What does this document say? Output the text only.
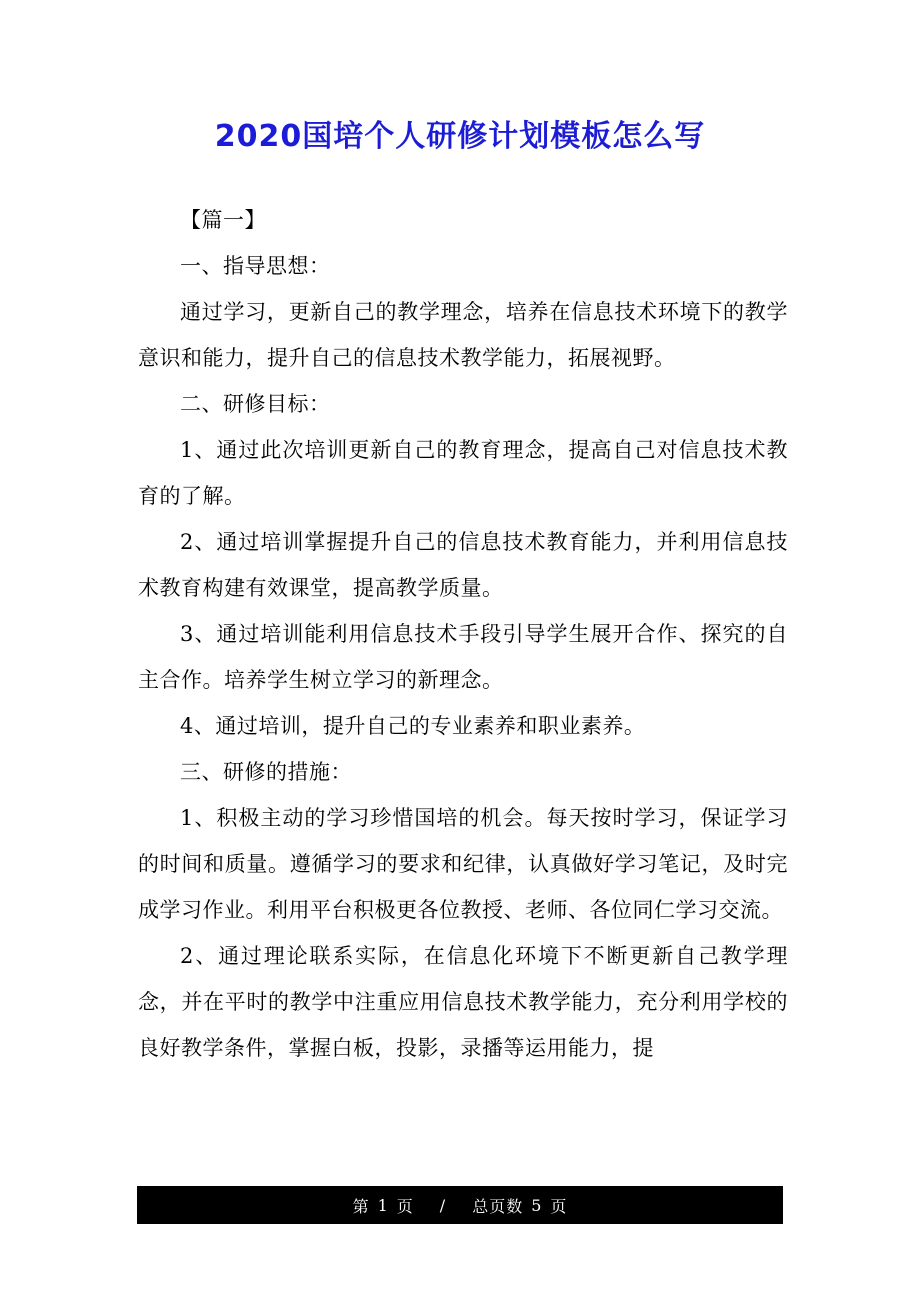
2020国培个人研修计划模板怎么写

【篇一】

一、指导思想：

通过学习，更新自己的教学理念，培养在信息技术环境下的教学意识和能力，提升自己的信息技术教学能力，拓展视野。

二、研修目标：

1、通过此次培训更新自己的教育理念，提高自己对信息技术教育的了解。

2、通过培训掌握提升自己的信息技术教育能力，并利用信息技术教育构建有效课堂，提高教学质量。

3、通过培训能利用信息技术手段引导学生展开合作、探究的自主合作。培养学生树立学习的新理念。

4、通过培训，提升自己的专业素养和职业素养。

三、研修的措施：

1、积极主动的学习珍惜国培的机会。每天按时学习，保证学习的时间和质量。遵循学习的要求和纪律，认真做好学习笔记，及时完成学习作业。利用平台积极更各位教授、老师、各位同仁学习交流。

2、通过理论联系实际，在信息化环境下不断更新自己教学理念，并在平时的教学中注重应用信息技术教学能力，充分利用学校的良好教学条件，掌握白板，投影，录播等运用能力，提

第 1 页 / 总页数 5 页
